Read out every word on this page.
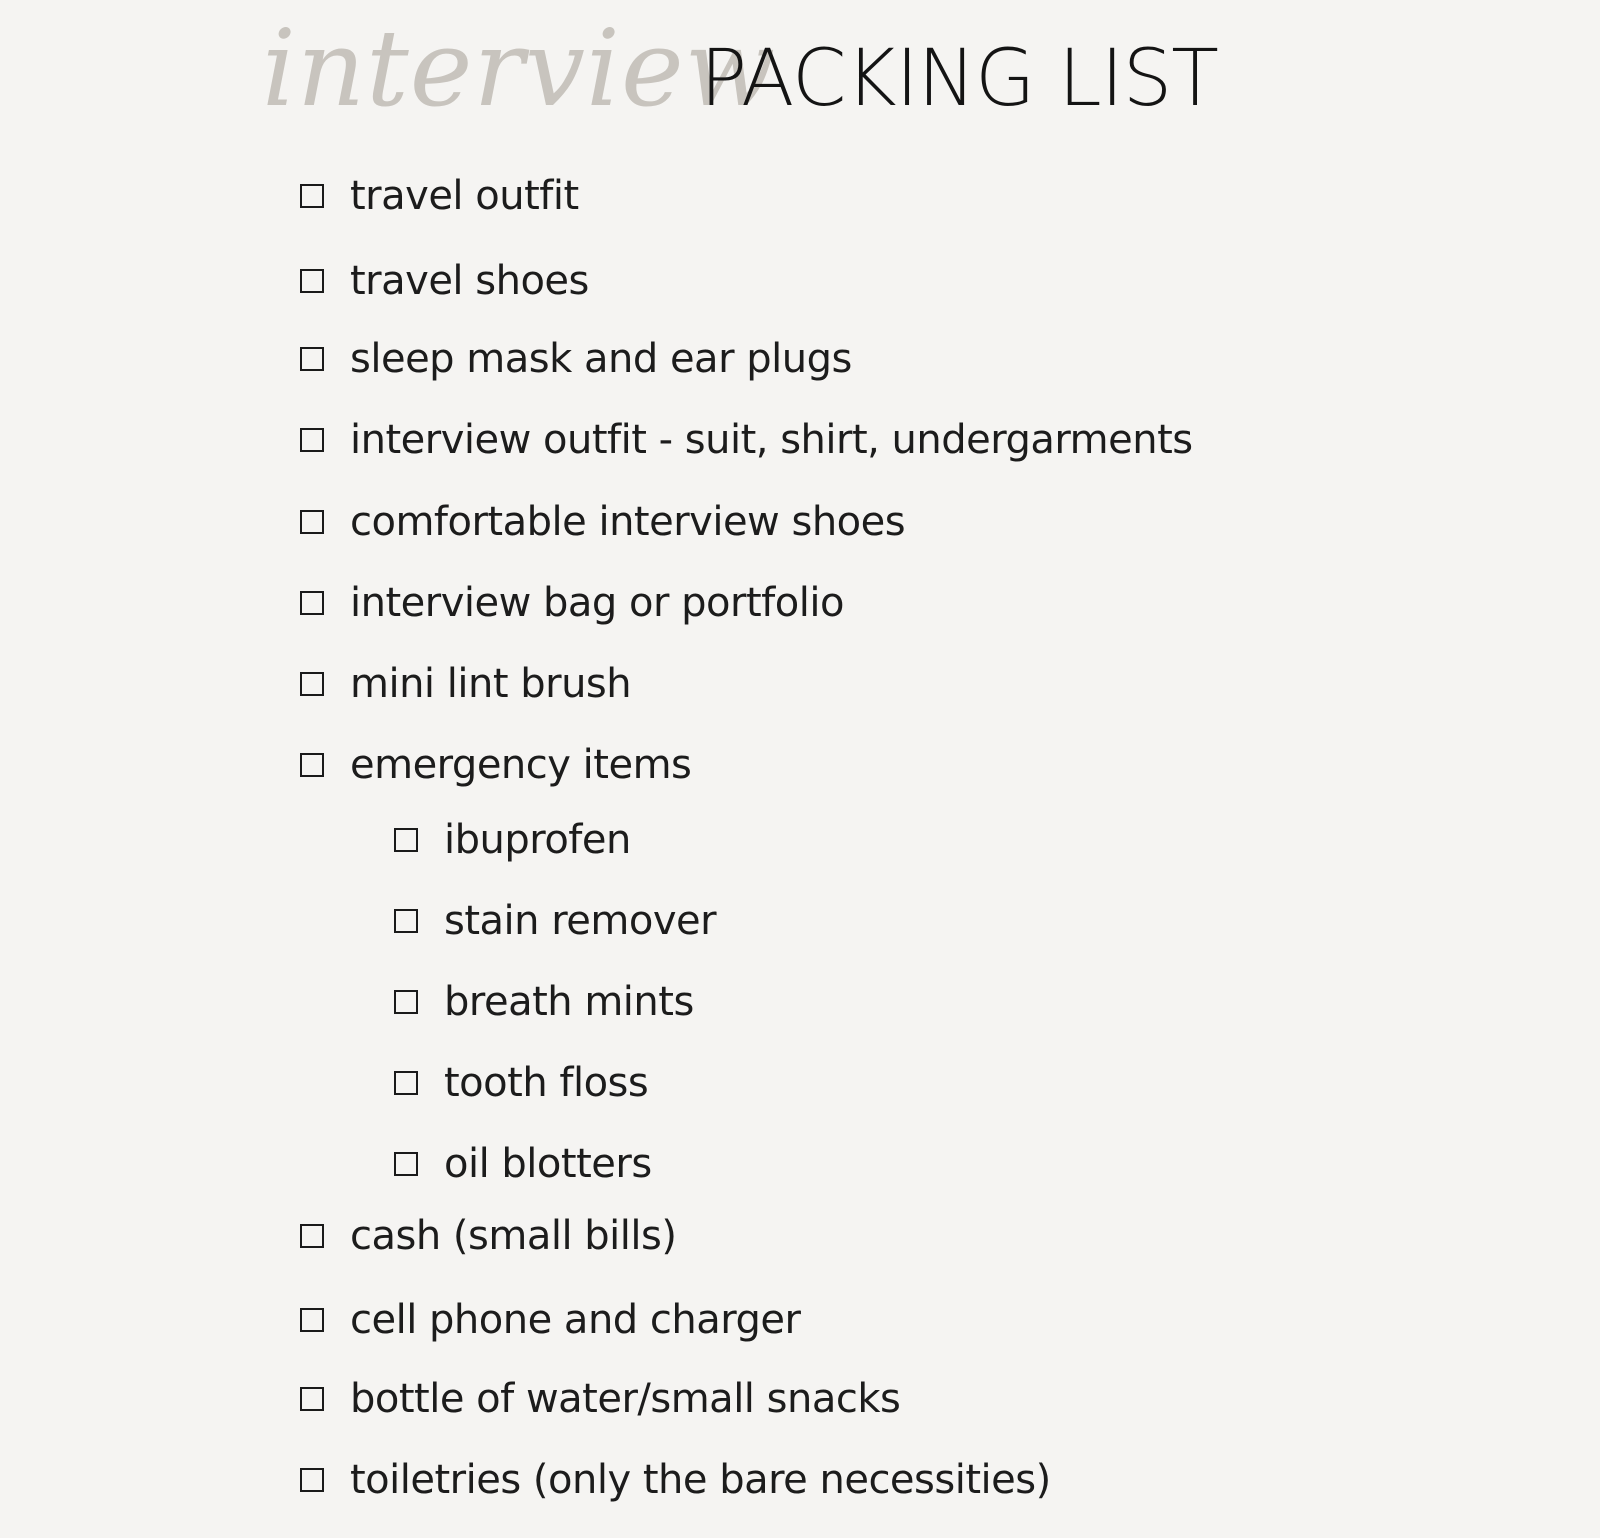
interview
PACKING LIST
travel outfit
travel shoes
sleep mask and ear plugs
interview outfit - suit, shirt, undergarments
comfortable interview shoes
interview bag or portfolio
mini lint brush
emergency items
ibuprofen
stain remover
breath mints
tooth floss
oil blotters
cash (small bills)
cell phone and charger
bottle of water/small snacks
toiletries (only the bare necessities)
